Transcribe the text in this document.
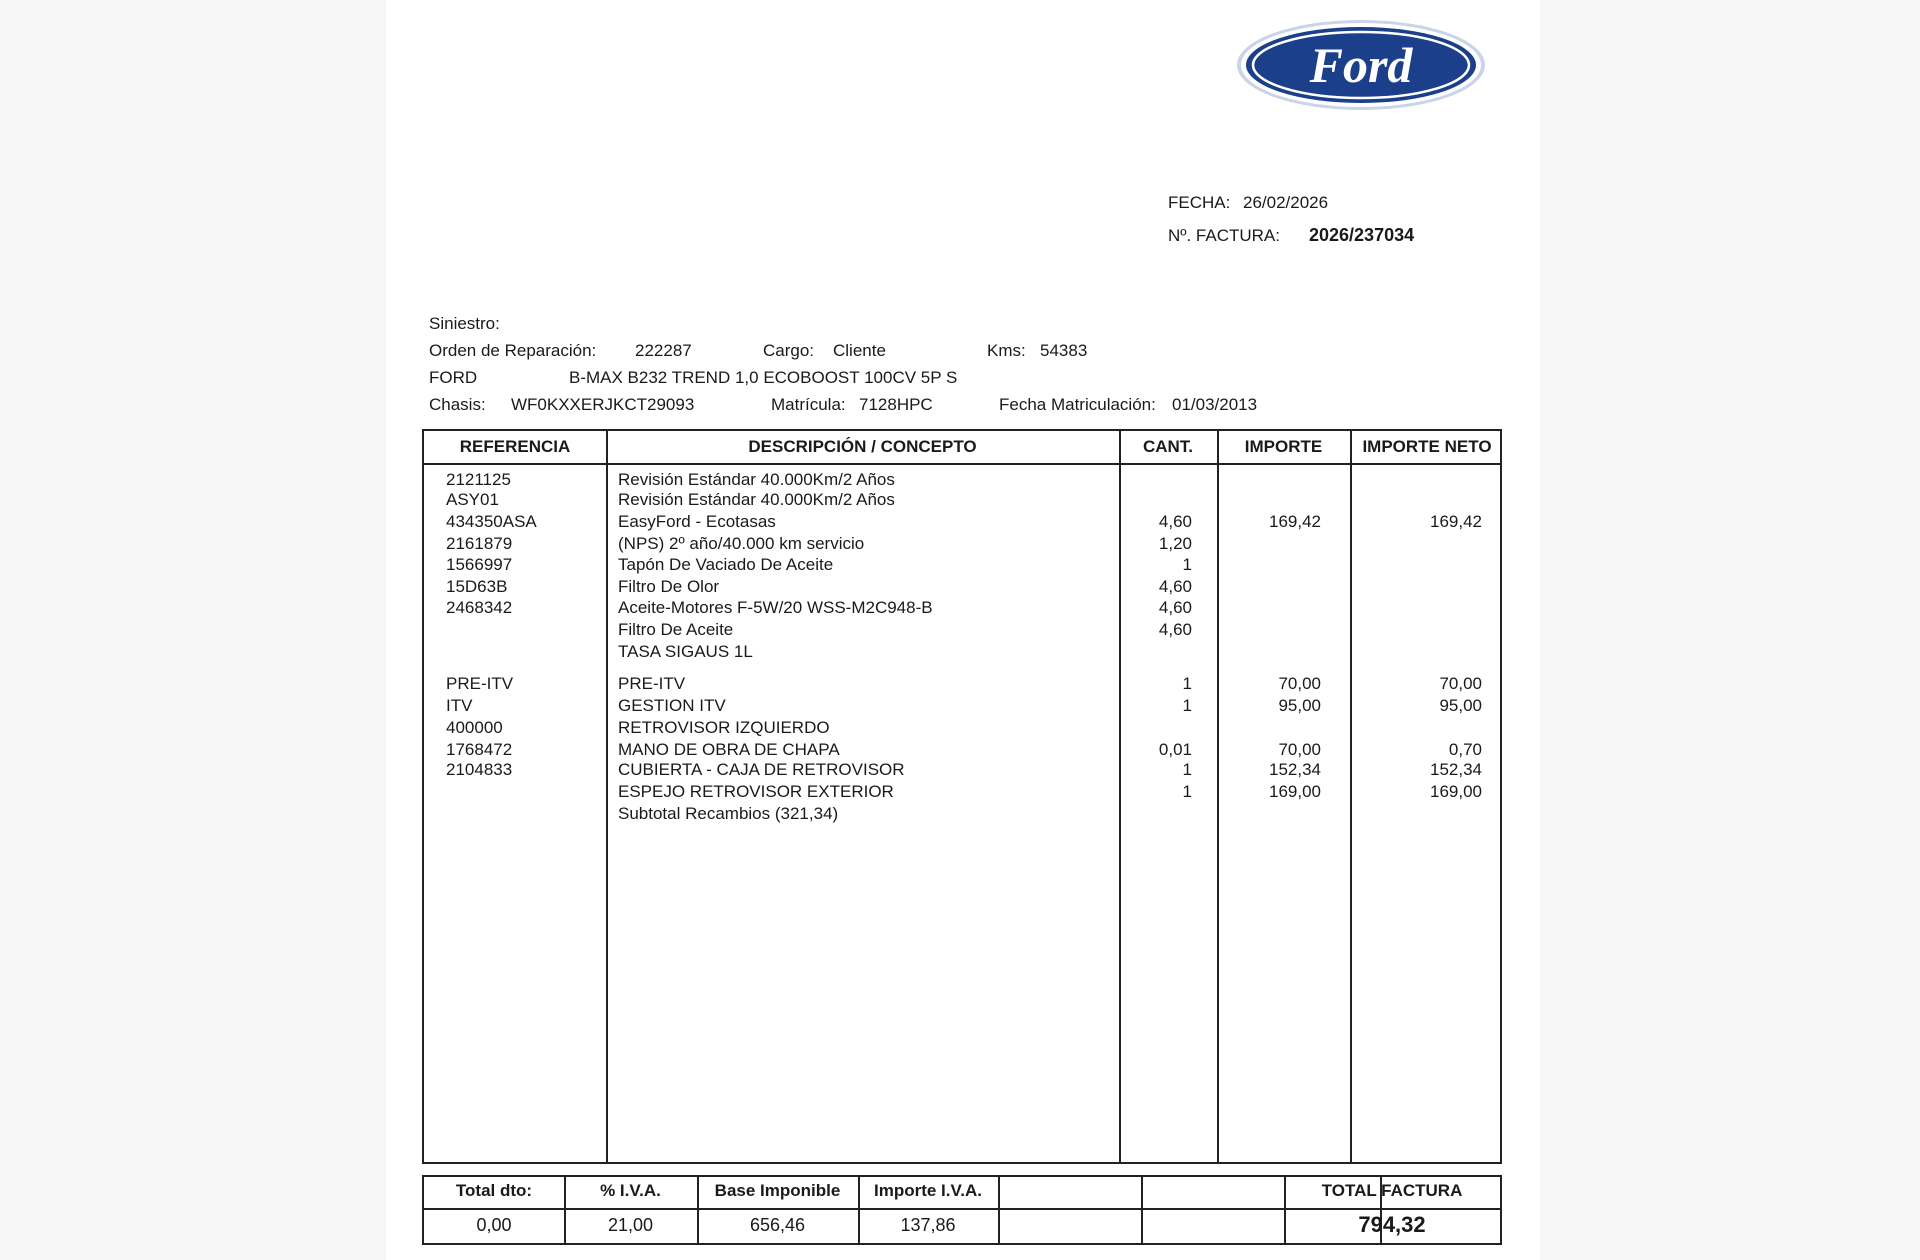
Ford
FECHA: 26/02/2026
Nº. FACTURA: 2026/237034
Siniestro:
Orden de Reparación: 222287	Cargo: Cliente	Kms: 54383
FORD	B-MAX B232 TREND 1,0 ECOBOOST 100CV 5P S
Chasis: WF0KXXERJKCT29093	Matrícula: 7128HPC	Fecha Matriculación: 01/03/2013
REFERENCIA	DESCRIPCIÓN / CONCEPTO	CANT.	IMPORTE	IMPORTE NETO
2121125	Revisión Estándar 40.000Km/2 Años
ASY01	Revisión Estándar 40.000Km/2 Años
434350ASA	EasyFord - Ecotasas	4,60	169,42	169,42
2161879	(NPS) 2º año/40.000 km servicio	1,20
1566997	Tapón De Vaciado De Aceite	1
15D63B	Filtro De Olor	4,60
2468342	Aceite-Motores F-5W/20 WSS-M2C948-B	4,60
Filtro De Aceite	4,60
TASA SIGAUS 1L
PRE-ITV	PRE-ITV	1	70,00	70,00
ITV	GESTION ITV	1	95,00	95,00
400000	RETROVISOR IZQUIERDO
1768472	MANO DE OBRA DE CHAPA	0,01	70,00	0,70
2104833	CUBIERTA - CAJA DE RETROVISOR	1	152,34	152,34
ESPEJO RETROVISOR EXTERIOR	1	169,00	169,00
Subtotal Recambios (321,34)
Total dto:	% I.V.A.	Base Imponible	Importe I.V.A.	TOTAL FACTURA
0,00	21,00	656,46	137,86	794,32
